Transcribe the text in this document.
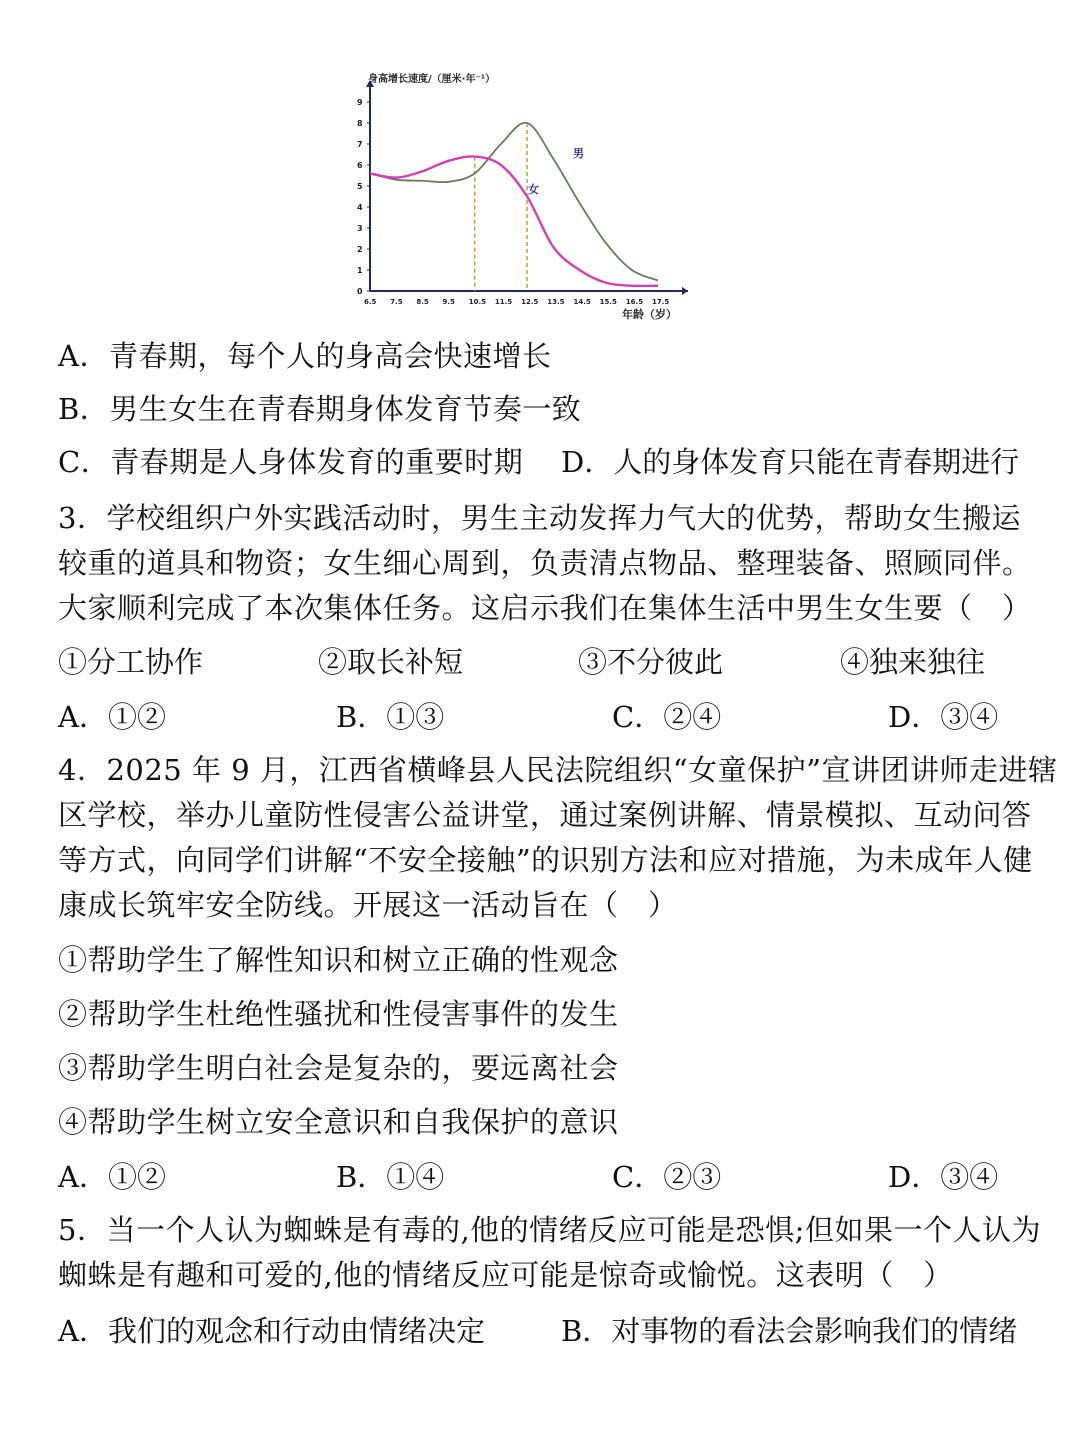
0
1
2
3
4
5
6
7
8
9
6.5 7.5 8.5 9.5 10.5 11.5 12.5 13.5 14.5 15.5 16.5 17.5
身高增长速度/（厘米·年⁻¹）
年龄（岁）
男
女
A．青春期，每个人的身高会快速增长
B．男生女生在青春期身体发育节奏一致
C．青春期是人身体发育的重要时期 D．人的身体发育只能在青春期进行
3．学校组织户外实践活动时，男生主动发挥力气大的优势，帮助女生搬运
较重的道具和物资；女生细心周到，负责清点物品、整理装备、照顾同伴。
大家顺利完成了本次集体任务。这启示我们在集体生活中男生女生要（　）
①分工协作	②取长补短	③不分彼此	④独来独往
A．①②	B．①③	C．②④	D．③④
4．2025 年 9 月，江西省横峰县人民法院组织“女童保护”宣讲团讲师走进辖
区学校，举办儿童防性侵害公益讲堂，通过案例讲解、情景模拟、互动问答
等方式，向同学们讲解“不安全接触”的识别方法和应对措施，为未成年人健
康成长筑牢安全防线。开展这一活动旨在（　）
①帮助学生了解性知识和树立正确的性观念
②帮助学生杜绝性骚扰和性侵害事件的发生
③帮助学生明白社会是复杂的，要远离社会
④帮助学生树立安全意识和自我保护的意识
A．①②	B．①④	C．②③	D．③④
5．当一个人认为蜘蛛是有毒的,他的情绪反应可能是恐惧;但如果一个人认为
蜘蛛是有趣和可爱的,他的情绪反应可能是惊奇或愉悦。这表明（　）
A．我们的观念和行动由情绪决定	B．对事物的看法会影响我们的情绪
